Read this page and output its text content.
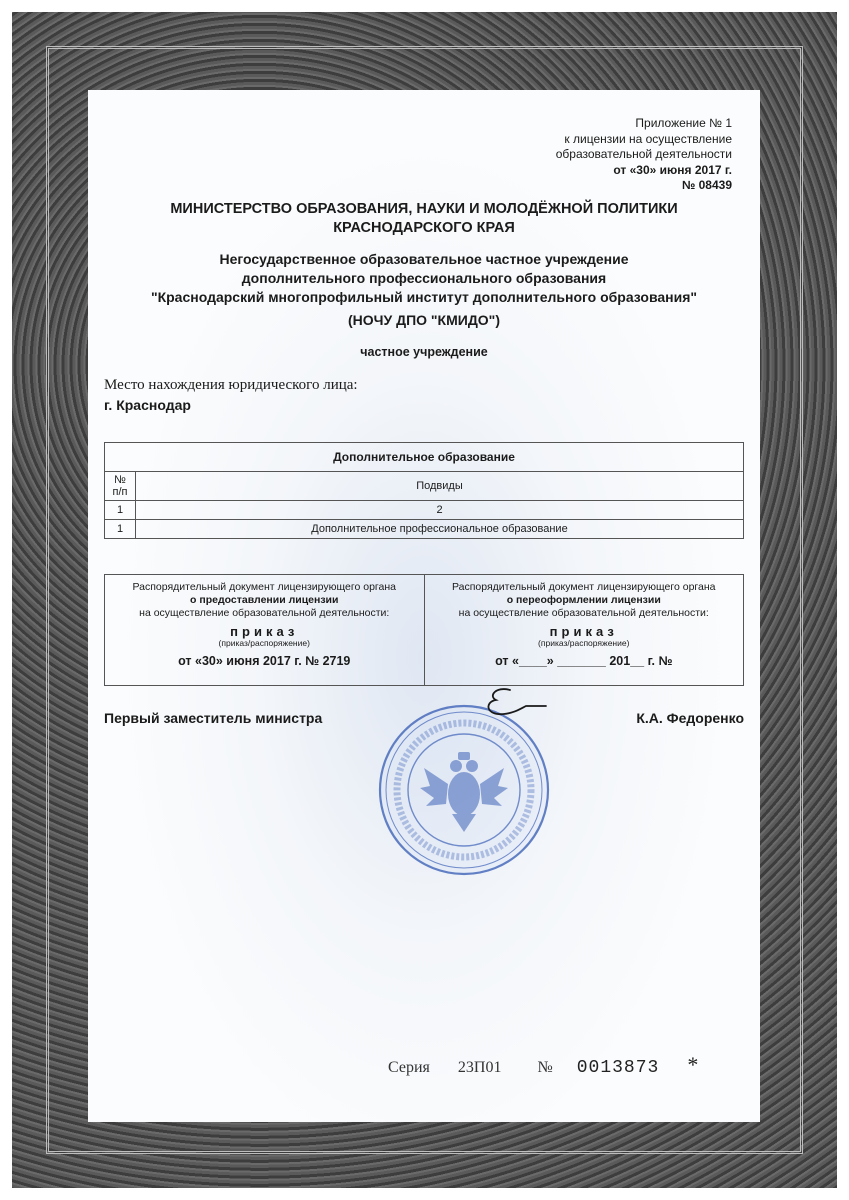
Приложение № 1
к лицензии на осуществление
образовательной деятельности
от «30» июня 2017 г.
№ 08439
МИНИСТЕРСТВО ОБРАЗОВАНИЯ, НАУКИ И МОЛОДЁЖНОЙ ПОЛИТИКИ
КРАСНОДАРСКОГО КРАЯ
Негосударственное образовательное частное учреждение
дополнительного профессионального образования
"Краснодарский многопрофильный институт дополнительного образования"
(НОЧУ ДПО "КМИДО")
частное учреждение
Место нахождения юридического лица:
г. Краснодар
Дополнительное образование	

№
п/п	Подвиды
1	2
1	Дополнительное профессиональное образование
Распорядительный документ лицензирующего органа
о предоставлении лицензии
на осуществление образовательной деятельности:
приказ
(приказ/распоряжение)
от «30» июня 2017 г. № 2719
Распорядительный документ лицензирующего органа
о переоформлении лицензии
на осуществление образовательной деятельности:
приказ
(приказ/распоряжение)
от «____» _______ 201__ г. №
Первый заместитель министра	К.А. Федоренко
Серия 23П01 № 0013873 *
